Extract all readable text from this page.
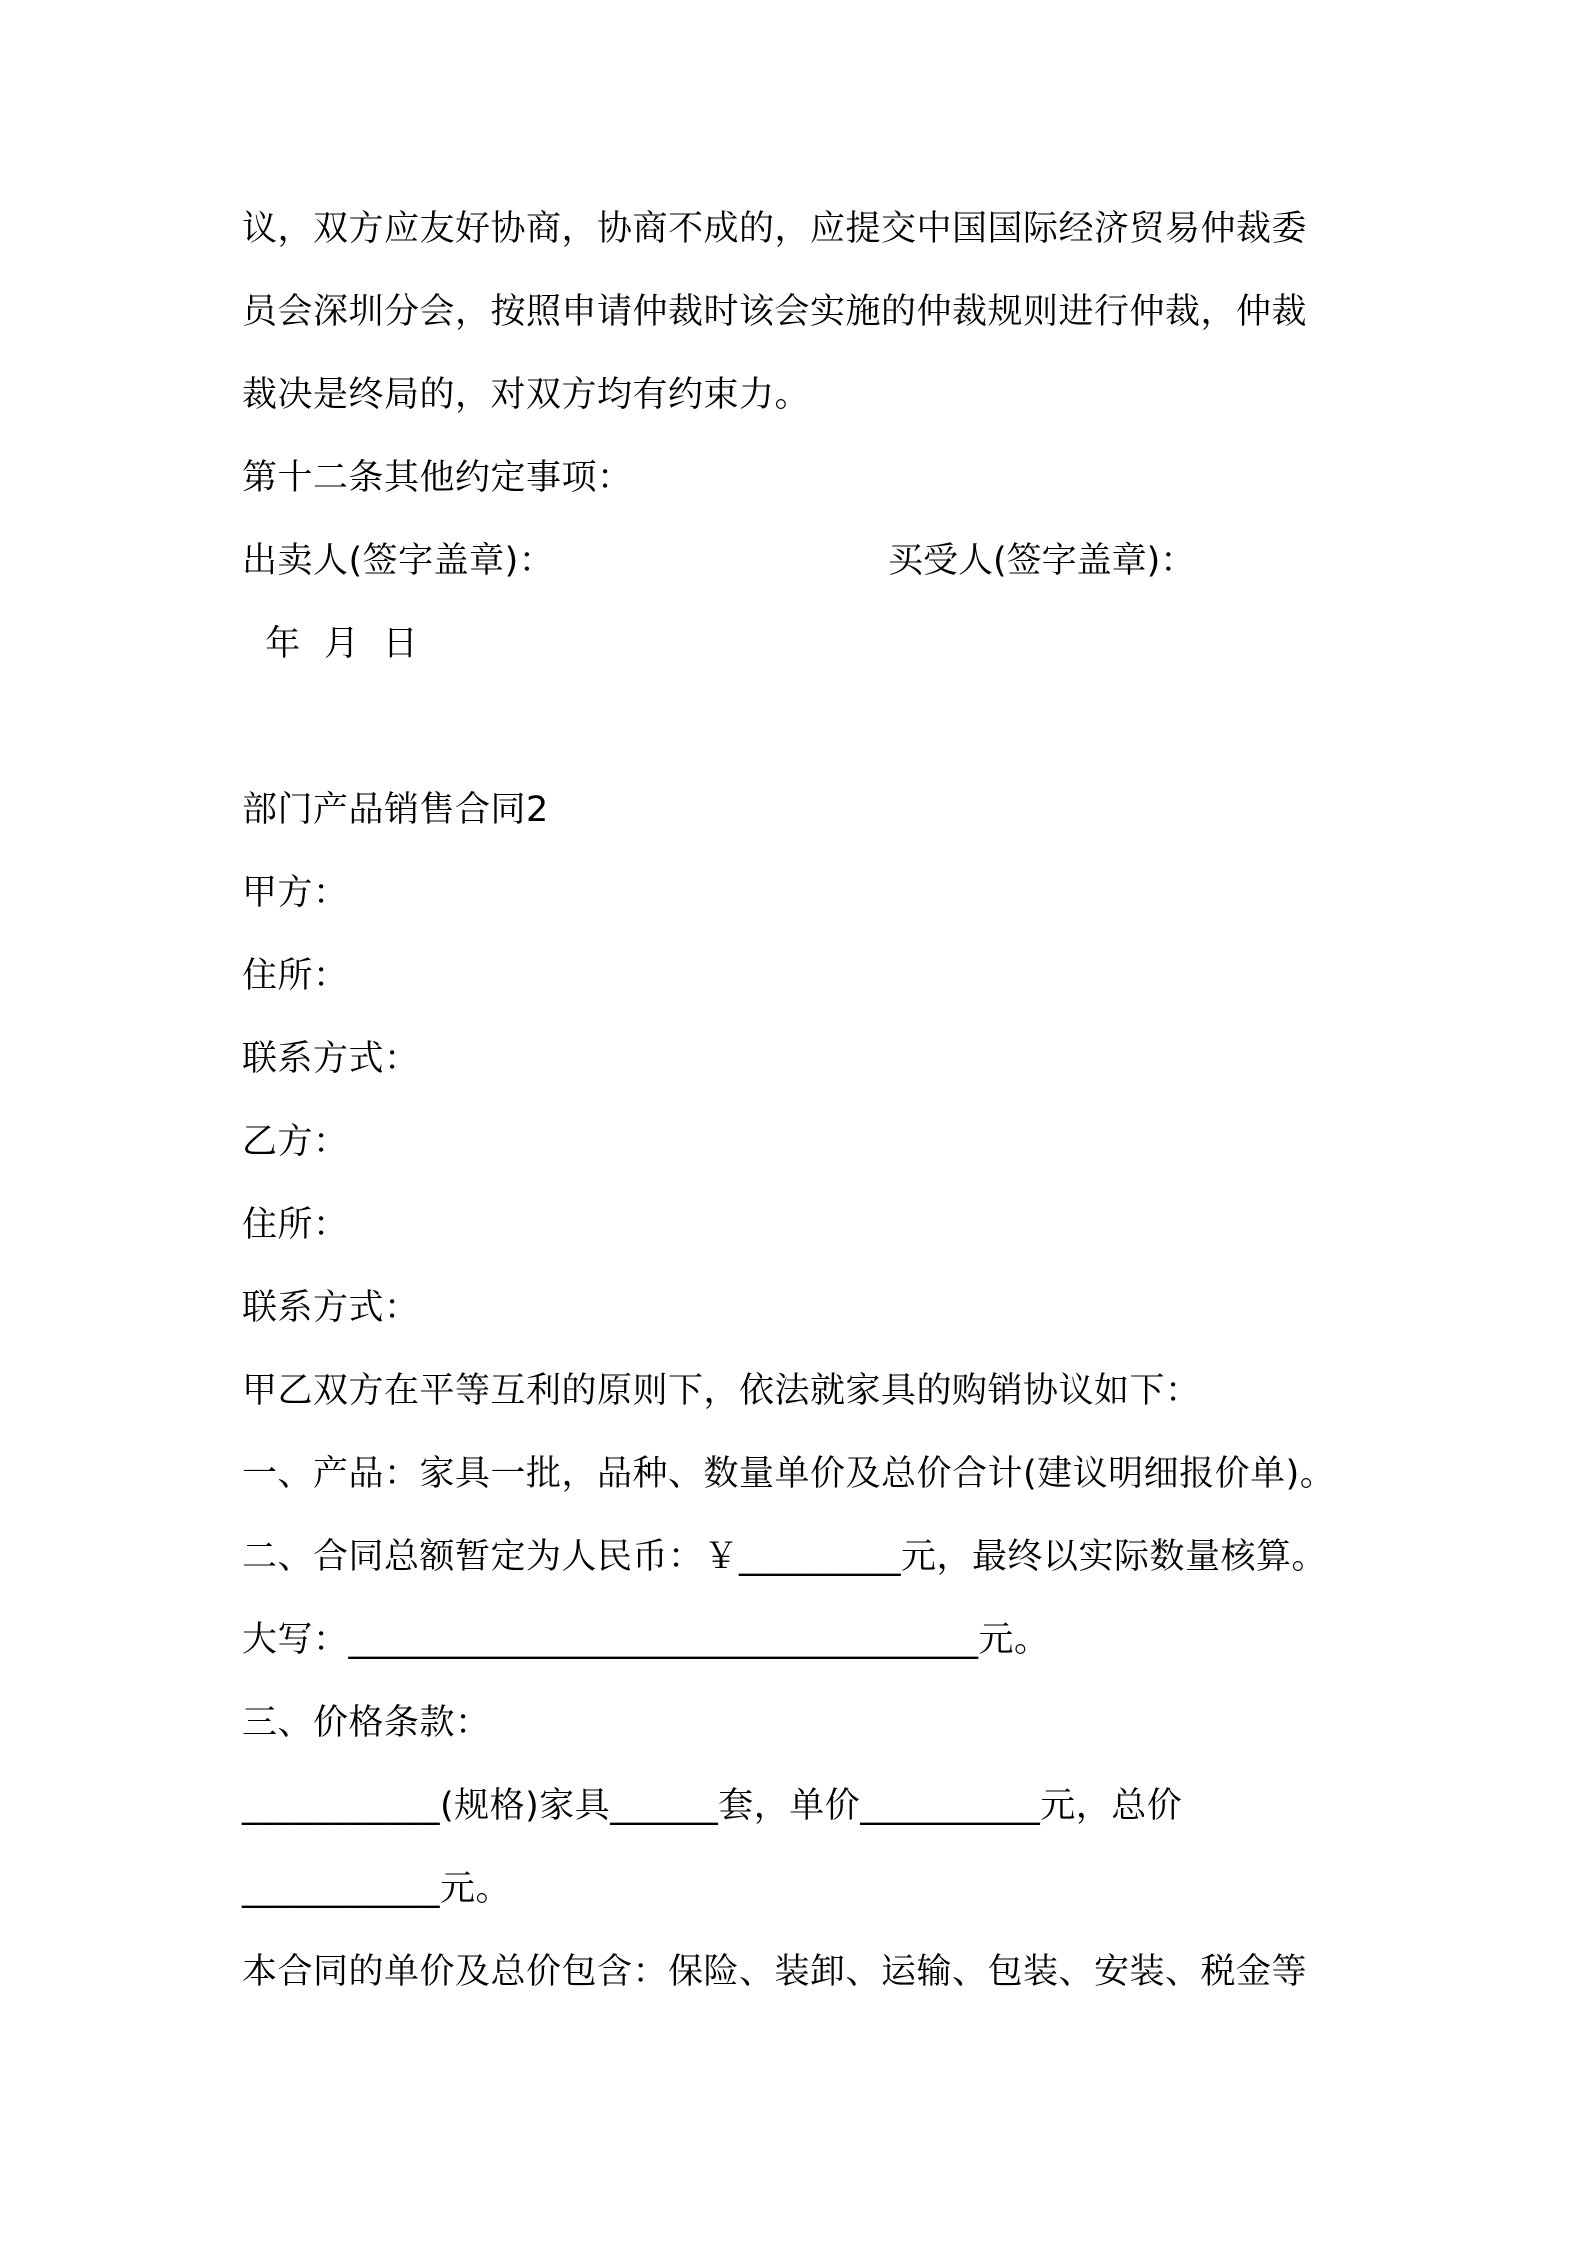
议，双方应友好协商，协商不成的，应提交中国国际经济贸易仲裁委
员会深圳分会，按照申请仲裁时该会实施的仲裁规则进行仲裁，仲裁
裁决是终局的，对双方均有约束力。
第十二条其他约定事项：
出卖人(签字盖章)：	买受人(签字盖章)：
年  月  日
部门产品销售合同2
甲方：
住所：
联系方式：
乙方：
住所：
联系方式：
甲乙双方在平等互利的原则下，依法就家具的购销协议如下：
一、产品：家具一批，品种、数量单价及总价合计(建议明细报价单)。
二、合同总额暂定为人民币：￥_________元，最终以实际数量核算。
大写：___________________________________元。
三、价格条款：
___________(规格)家具______套，单价__________元，总价
___________元。
本合同的单价及总价包含：保险、装卸、运输、包装、安装、税金等
